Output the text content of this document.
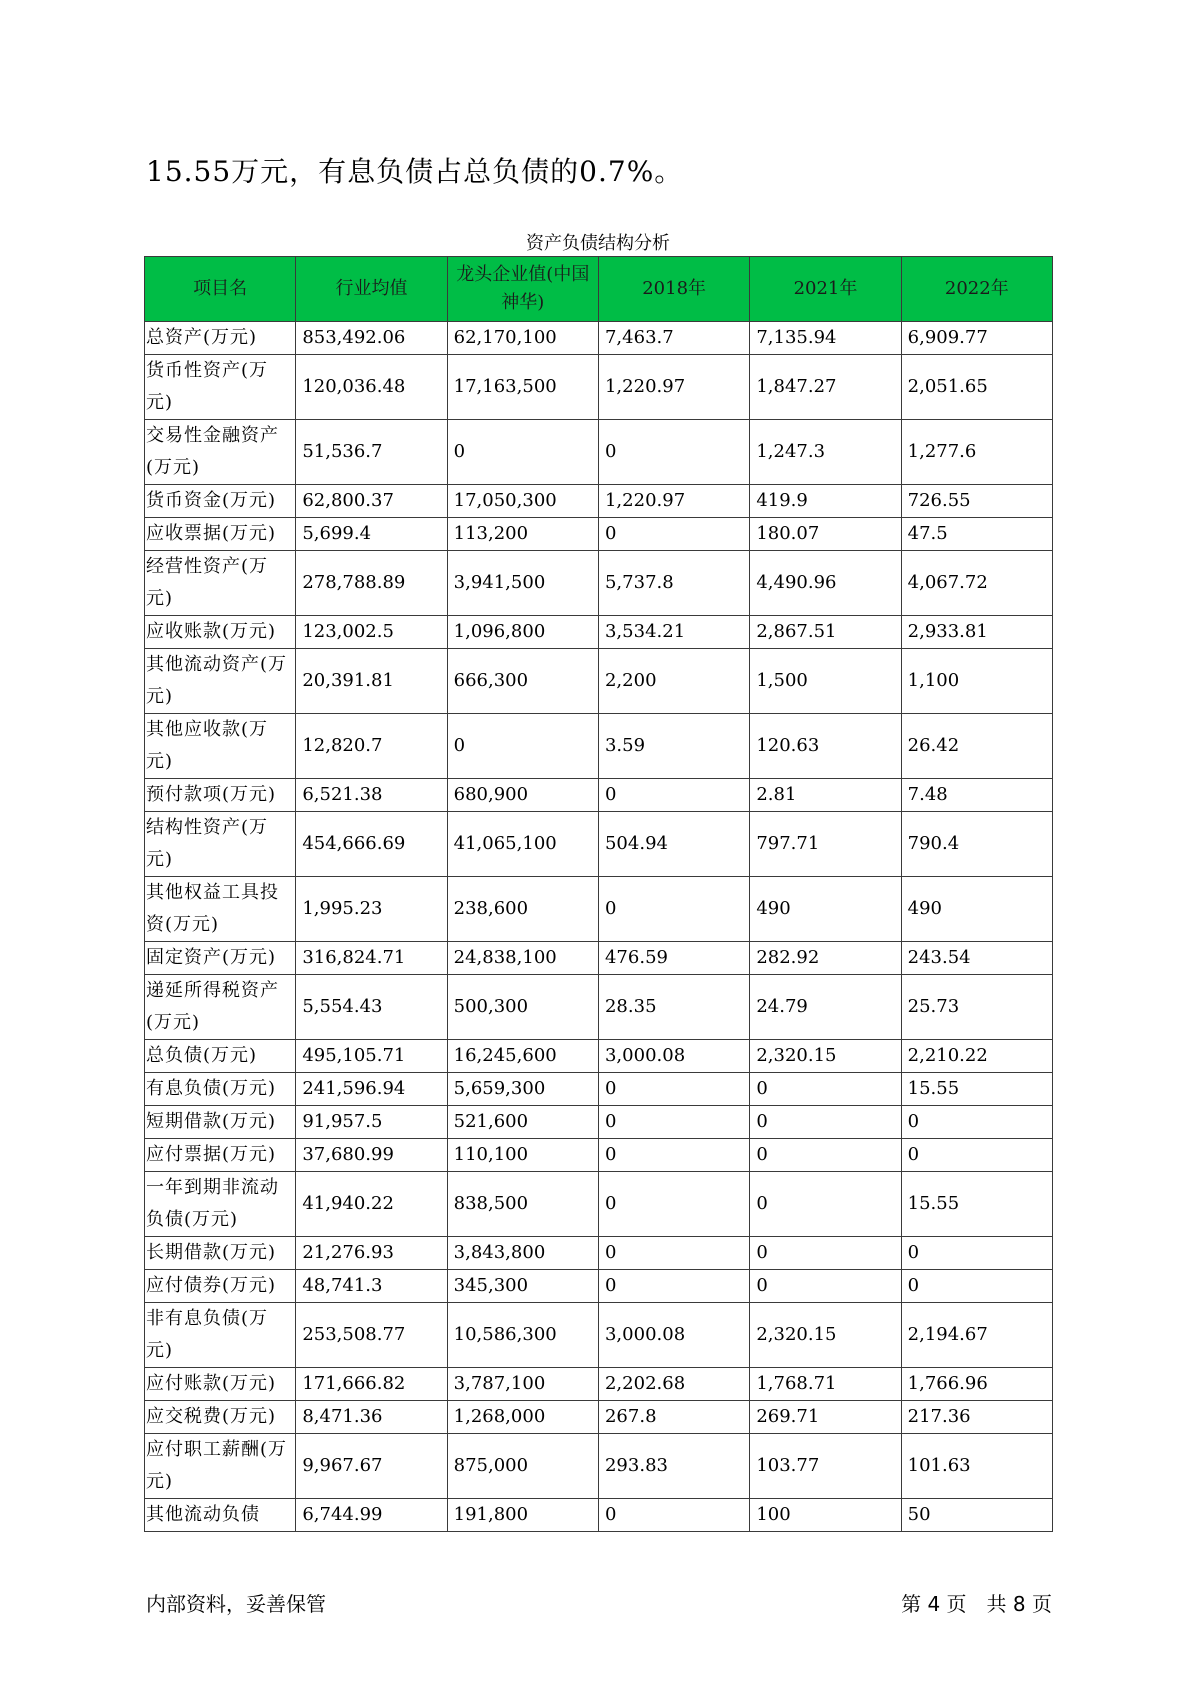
15.55万元，有息负债占总负债的0.7%。
资产负债结构分析
项目名	行业均值	龙头企业值(中国神华)	2018年	2021年	2022年
总资产(万元)	853,492.06	62,170,100	7,463.7	7,135.94	6,909.77
货币性资产(万元)	120,036.48	17,163,500	1,220.97	1,847.27	2,051.65
交易性金融资产(万元)	51,536.7	0	0	1,247.3	1,277.6
货币资金(万元)	62,800.37	17,050,300	1,220.97	419.9	726.55
应收票据(万元)	5,699.4	113,200	0	180.07	47.5
经营性资产(万元)	278,788.89	3,941,500	5,737.8	4,490.96	4,067.72
应收账款(万元)	123,002.5	1,096,800	3,534.21	2,867.51	2,933.81
其他流动资产(万元)	20,391.81	666,300	2,200	1,500	1,100
其他应收款(万元)	12,820.7	0	3.59	120.63	26.42
预付款项(万元)	6,521.38	680,900	0	2.81	7.48
结构性资产(万元)	454,666.69	41,065,100	504.94	797.71	790.4
其他权益工具投资(万元)	1,995.23	238,600	0	490	490
固定资产(万元)	316,824.71	24,838,100	476.59	282.92	243.54
递延所得税资产(万元)	5,554.43	500,300	28.35	24.79	25.73
总负债(万元)	495,105.71	16,245,600	3,000.08	2,320.15	2,210.22
有息负债(万元)	241,596.94	5,659,300	0	0	15.55
短期借款(万元)	91,957.5	521,600	0	0	0
应付票据(万元)	37,680.99	110,100	0	0	0
一年到期非流动负债(万元)	41,940.22	838,500	0	0	15.55
长期借款(万元)	21,276.93	3,843,800	0	0	0
应付债券(万元)	48,741.3	345,300	0	0	0
非有息负债(万元)	253,508.77	10,586,300	3,000.08	2,320.15	2,194.67
应付账款(万元)	171,666.82	3,787,100	2,202.68	1,768.71	1,766.96
应交税费(万元)	8,471.36	1,268,000	267.8	269.71	217.36
应付职工薪酬(万元)	9,967.67	875,000	293.83	103.77	101.63
其他流动负债	6,744.99	191,800	0	100	50
内部资料，妥善保管	第 4 页　共 8 页
